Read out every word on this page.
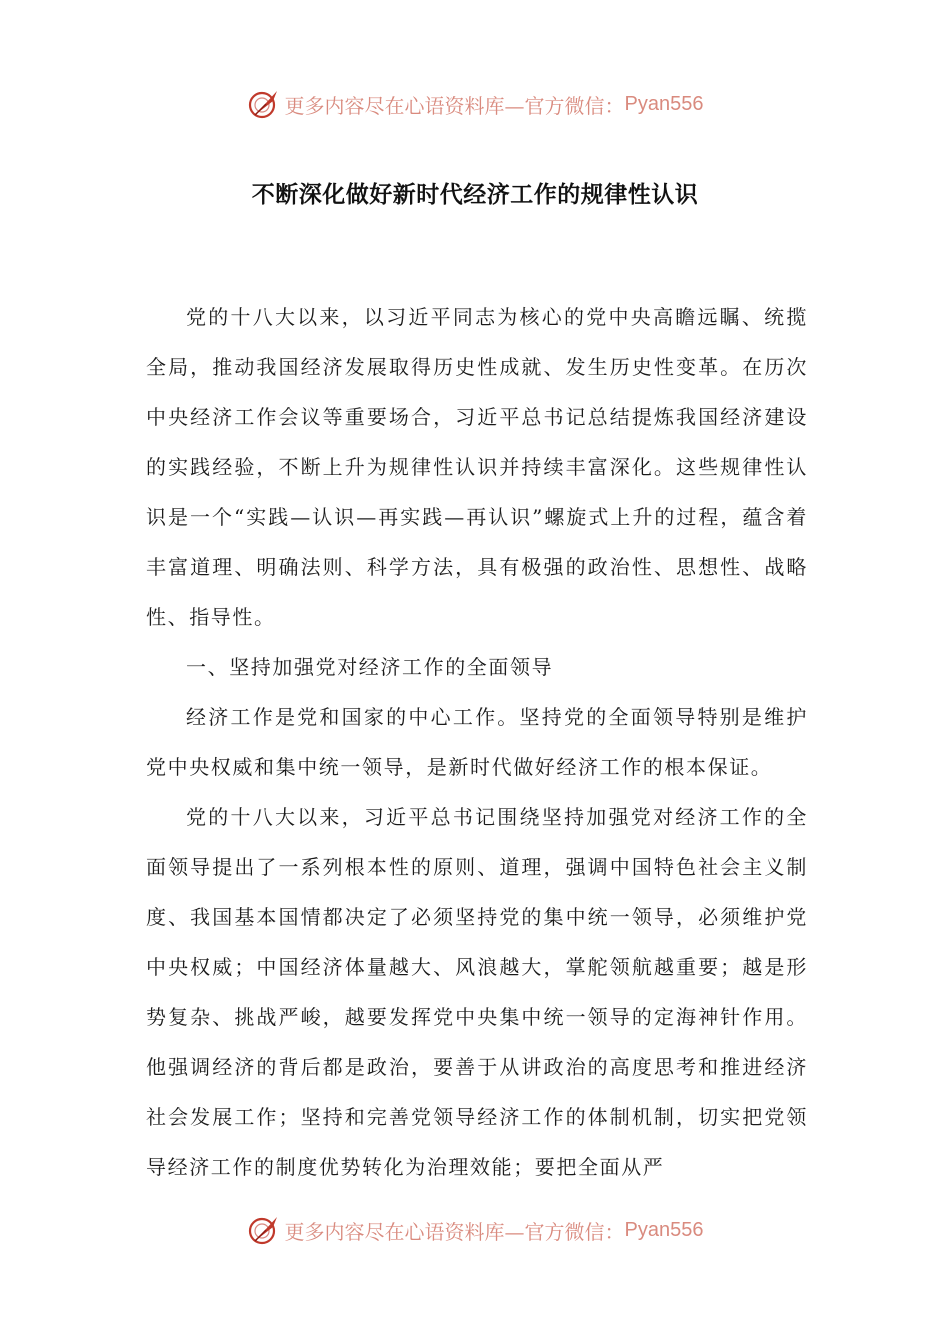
更多内容尽在心语资料库—官方微信： Pyan556
不断深化做好新时代经济工作的规律性认识

党的十八大以来，以习近平同志为核心的党中央高瞻远瞩、统揽全局，推动我国经济发展取得历史性成就、发生历史性变革。在历次中央经济工作会议等重要场合，习近平总书记总结提炼我国经济建设的实践经验，不断上升为规律性认识并持续丰富深化。这些规律性认识是一个“实践—认识—再实践—再认识”螺旋式上升的过程，蕴含着丰富道理、明确法则、科学方法，具有极强的政治性、思想性、战略性、指导性。

一、坚持加强党对经济工作的全面领导

经济工作是党和国家的中心工作。坚持党的全面领导特别是维护党中央权威和集中统一领导，是新时代做好经济工作的根本保证。

党的十八大以来，习近平总书记围绕坚持加强党对经济工作的全面领导提出了一系列根本性的原则、道理，强调中国特色社会主义制度、我国基本国情都决定了必须坚持党的集中统一领导，必须维护党中央权威；中国经济体量越大、风浪越大，掌舵领航越重要；越是形势复杂、挑战严峻，越要发挥党中央集中统一领导的定海神针作用。他强调经济的背后都是政治，要善于从讲政治的高度思考和推进经济社会发展工作；坚持和完善党领导经济工作的体制机制，切实把党领导经济工作的制度优势转化为治理效能；要把全面从严

更多内容尽在心语资料库—官方微信： Pyan556
